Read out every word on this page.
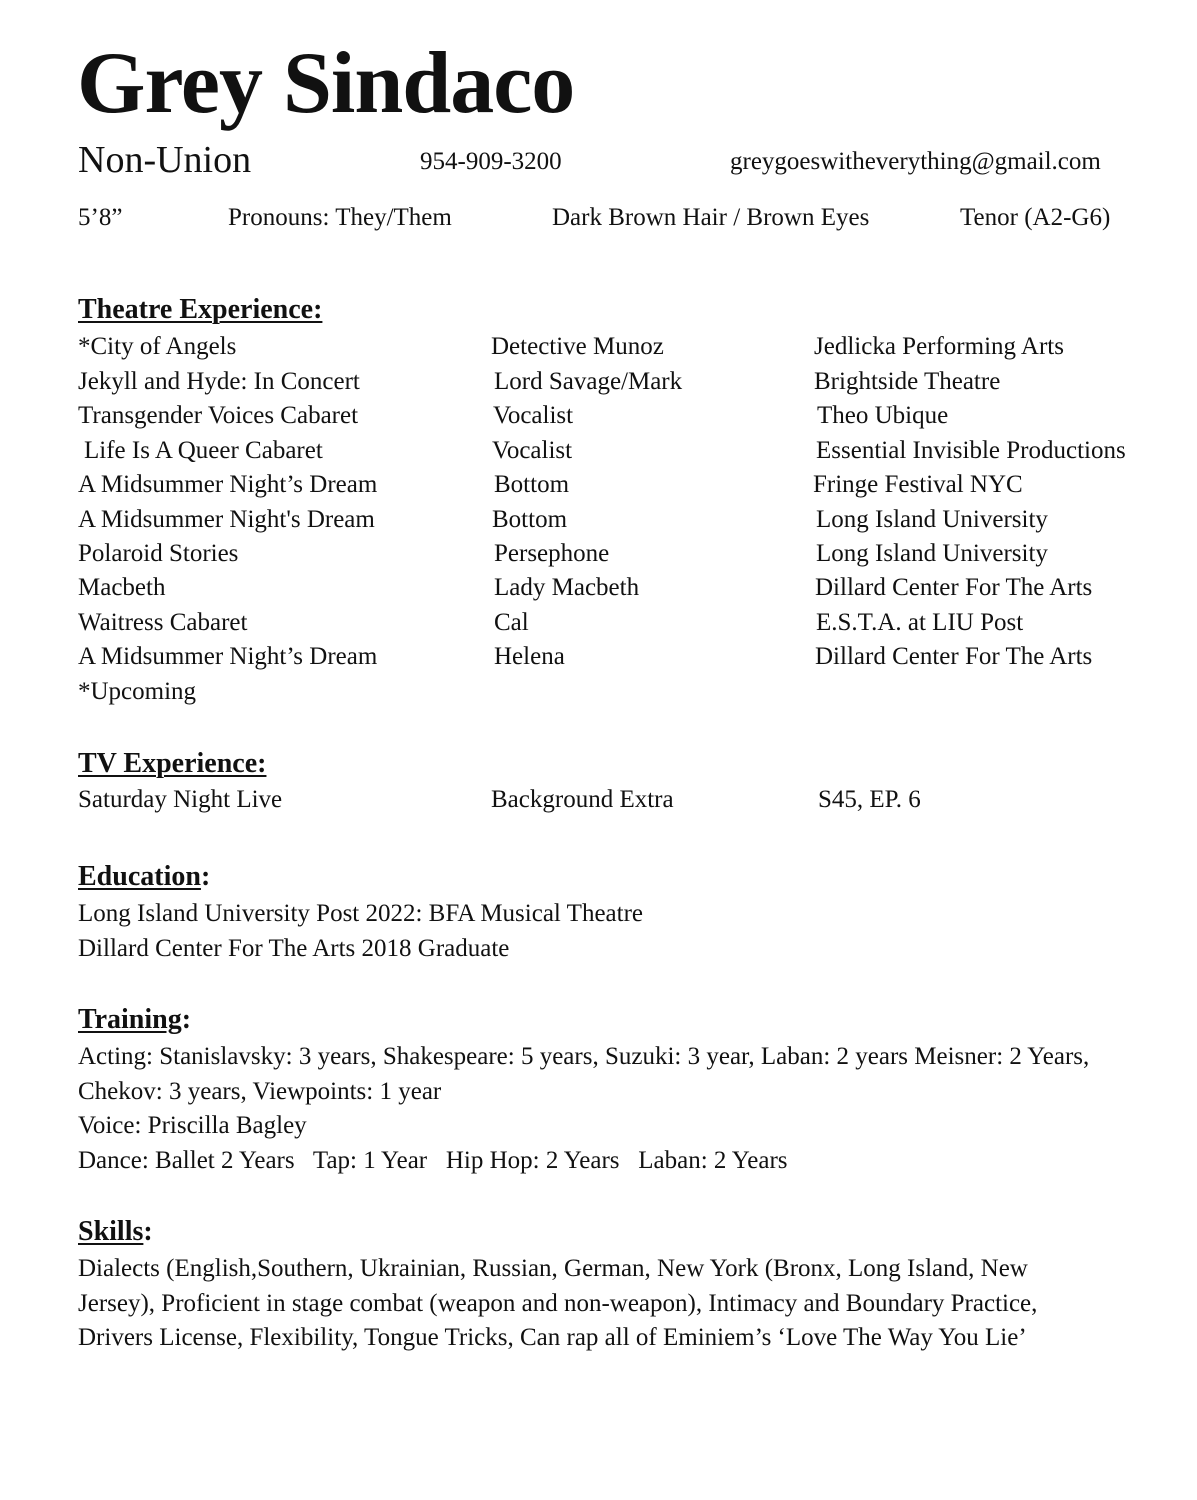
Grey Sindaco
Non-Union	954-909-3200	greygoeswitheverything@gmail.com
5’8”	Pronouns: They/Them	Dark Brown Hair / Brown Eyes	Tenor (A2-G6)
Theatre Experience:
*City of Angels	Detective Munoz	Jedlicka Performing Arts
Jekyll and Hyde: In Concert	Lord Savage/Mark	Brightside Theatre
Transgender Voices Cabaret	Vocalist	Theo Ubique
Life Is A Queer Cabaret	Vocalist	Essential Invisible Productions
A Midsummer Night’s Dream	Bottom	Fringe Festival NYC
A Midsummer Night's Dream	Bottom	Long Island University
Polaroid Stories	Persephone	Long Island University
Macbeth	Lady Macbeth	Dillard Center For The Arts
Waitress Cabaret	Cal	E.S.T.A. at LIU Post
A Midsummer Night’s Dream	Helena	Dillard Center For The Arts
*Upcoming
TV Experience:
Saturday Night Live	Background Extra	S45, EP. 6
Education:
Long Island University Post 2022: BFA Musical Theatre
Dillard Center For The Arts 2018 Graduate
Training:
Acting: Stanislavsky: 3 years, Shakespeare: 5 years, Suzuki: 3 year, Laban: 2 years Meisner: 2 Years,
Chekov: 3 years, Viewpoints: 1 year
Voice: Priscilla Bagley
Dance: Ballet 2 Years   Tap: 1 Year   Hip Hop: 2 Years   Laban: 2 Years
Skills:
Dialects (English,Southern, Ukrainian, Russian, German, New York (Bronx, Long Island, New
Jersey), Proficient in stage combat (weapon and non-weapon), Intimacy and Boundary Practice,
Drivers License, Flexibility, Tongue Tricks, Can rap all of Eminiem’s ‘Love The Way You Lie’
